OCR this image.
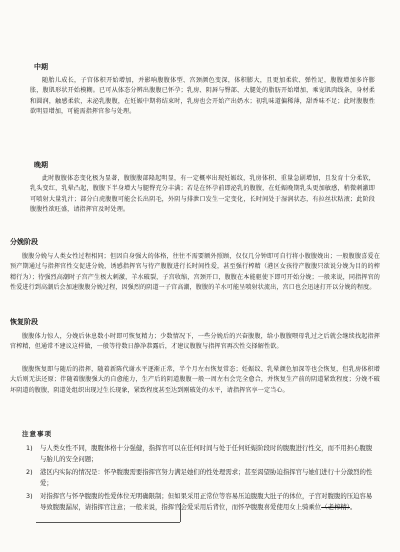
中期
随胎儿成长，子宫体积开始增加，并影响腹腹体型、宫颈颜色变深，体积膨大，且更加柔软、弹性足，腹腹增加多许膨胀，腹肌形状开始模糊。已可从体态分辨出腹腹已怀孕；乳房、阴唇与臀部、大腿处的脂肪开始增加，乘宠肌肉线条，身材柔和圆润，触感柔软，未泌乳腹腹，在妊娠中期将结束时，乳房也会开始产出奶水；初乳味道偏稀薄，甜香味不足；此时腹腹性欲明显增加，可能需指挥官参与处理。
晚期
此时腹腹体态变化极为显著，腹腹腹部隆起明显，有一定概率出现妊娠纹，乳房体积、重量急剧增加，且发育十分柔软，乳头变红，乳晕凸起，腹腹下半身增大与腿臀充分丰满；若是在怀孕前即泌乳的腹腹，在妊娠晚期乳头更加敏感，稍微刺激即可喷射大量乳汁；部分白虎腹腹可能会长出阴毛，外阴与排泄口发生一定变化，长时间处于湿润状态，有拉丝状粘液；此阶段腹腹性欲旺盛，请指挥官及时处理。
分娩阶段
腹腹分娩与人类女性过程相同；但因自身强大的体格，往往不需要额外照顾，仅仅几分钟即可自行将小腹腹娩出；一般腹腹喜爱在预产期通过与指挥官性交促进分娩，诱感指挥官与待产腹腹进行长时间性爱，甚至强行榨精（港区女孩待产腹腹只欲说分娩为目的的榨精行为）；待强烈高潮时子宫产生极大刺激，羊水破裂，子宫收缩，宫颈开口，腹腹在本能驱使下即可开始分娩；一般来说，同指挥官的性爱进行到高潮后会加速腹腹分娩过程，因强烈的阴道一子宫高潮，腹腹的羊水可能呈喷射状流出，宫口也会迅速打开以分娩的程度。
恢复阶段
腹腹体力惊人，分娩后休息数小时即可恢复精力；少数情况下，一些分娩后的兴奋腹腹，给小腹腹喂母乳过之后就会继续找起指挥官榨精，但通常不建议这样做，一般等待数日静净恭露后，才建议腹腹与指挥官再次性交择解性欲。
腹腹恢复即与随后的指挥，随着新陈代谢水平逐渐正常，半个月左右恢复常态；妊娠纹、乳晕颜色加深等也会恢复，但乳房体积增大后则无法还原；伴随着腹腹强大的自愈能力，生产后的阴道腹腹一般一周左右会完全愈合，并恢复生产前的阴道紧致程度；分娩不破坏阴道的腹腹，阴道处组织出现过生长现象，紧致程度甚至达到刚破处的水平，请指挥官享一定当心。
注意事项
1)	与人类女性不同，腹腹体格十分强健，指挥官可以在任何时间与处于任何妊娠阶段时的腹腹进行性交，而不用担心腹腹与胎儿的安全问题；
2)	港区内实际的情况是：怀孕腹腹需要指挥官努力满足她们的性处理需求；甚至渴望胁迫指挥官与她们进行十分激烈的性爱；
3)	对指挥官与怀孕腹腹的性爱体位无明确限制；但如果采用正常位等容易压迫腹腹大肚子的体位，子宫对腹腹的压迫容易导致腹腹漏尿，请指挥官注意；一般来说，指挥官会爱采用后背位，而怀孕腹腹喜爱使用女上骑乘位（老榨精）。
